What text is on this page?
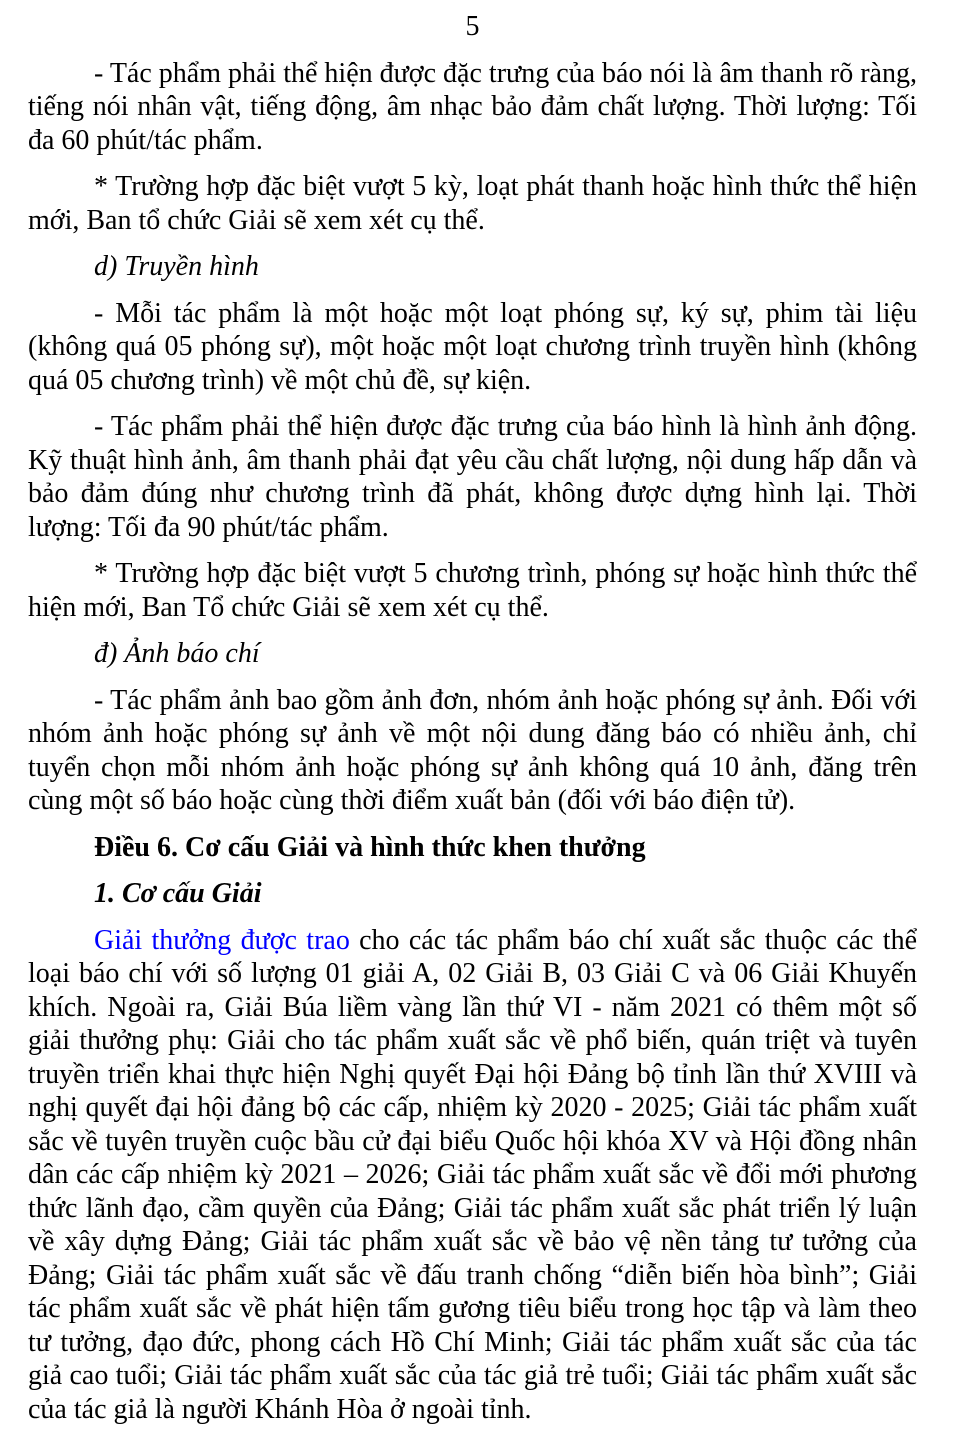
5

- Tác phẩm phải thể hiện được đặc trưng của báo nói là âm thanh rõ ràng, tiếng nói nhân vật, tiếng động, âm nhạc bảo đảm chất lượng. Thời lượng: Tối đa 60 phút/tác phẩm.

* Trường hợp đặc biệt vượt 5 kỳ, loạt phát thanh hoặc hình thức thể hiện mới, Ban tổ chức Giải sẽ xem xét cụ thể.

d) Truyền hình

- Mỗi tác phẩm là một hoặc một loạt phóng sự, ký sự, phim tài liệu (không quá 05 phóng sự), một hoặc một loạt chương trình truyền hình (không quá 05 chương trình) về một chủ đề, sự kiện.

- Tác phẩm phải thể hiện được đặc trưng của báo hình là hình ảnh động. Kỹ thuật hình ảnh, âm thanh phải đạt yêu cầu chất lượng, nội dung hấp dẫn và bảo đảm đúng như chương trình đã phát, không được dựng hình lại. Thời lượng: Tối đa 90 phút/tác phẩm.

* Trường hợp đặc biệt vượt 5 chương trình, phóng sự hoặc hình thức thể hiện mới, Ban Tổ chức Giải sẽ xem xét cụ thể.

đ) Ảnh báo chí

- Tác phẩm ảnh bao gồm ảnh đơn, nhóm ảnh hoặc phóng sự ảnh. Đối với nhóm ảnh hoặc phóng sự ảnh về một nội dung đăng báo có nhiều ảnh, chỉ tuyển chọn mỗi nhóm ảnh hoặc phóng sự ảnh không quá 10 ảnh, đăng trên cùng một số báo hoặc cùng thời điểm xuất bản (đối với báo điện tử).

Điều 6. Cơ cấu Giải và hình thức khen thưởng

1. Cơ cấu Giải

Giải thưởng được trao cho các tác phẩm báo chí xuất sắc thuộc các thể loại báo chí với số lượng 01 giải A, 02 Giải B, 03 Giải C và 06 Giải Khuyến khích. Ngoài ra, Giải Búa liềm vàng lần thứ VI - năm 2021 có thêm một số giải thưởng phụ: Giải cho tác phẩm xuất sắc về phổ biến, quán triệt và tuyên truyền triển khai thực hiện Nghị quyết Đại hội Đảng bộ tỉnh lần thứ XVIII và nghị quyết đại hội đảng bộ các cấp, nhiệm kỳ 2020 - 2025; Giải tác phẩm xuất sắc về tuyên truyền cuộc bầu cử đại biểu Quốc hội khóa XV và Hội đồng nhân dân các cấp nhiệm kỳ 2021 – 2026; Giải tác phẩm xuất sắc về đổi mới phương thức lãnh đạo, cầm quyền của Đảng; Giải tác phẩm xuất sắc phát triển lý luận về xây dựng Đảng; Giải tác phẩm xuất sắc về bảo vệ nền tảng tư tưởng của Đảng; Giải tác phẩm xuất sắc về đấu tranh chống “diễn biến hòa bình”; Giải tác phẩm xuất sắc về phát hiện tấm gương tiêu biểu trong học tập và làm theo tư tưởng, đạo đức, phong cách Hồ Chí Minh; Giải tác phẩm xuất sắc của tác giả cao tuổi; Giải tác phẩm xuất sắc của tác giả trẻ tuổi; Giải tác phẩm xuất sắc của tác giả là người Khánh Hòa ở ngoài tỉnh.
